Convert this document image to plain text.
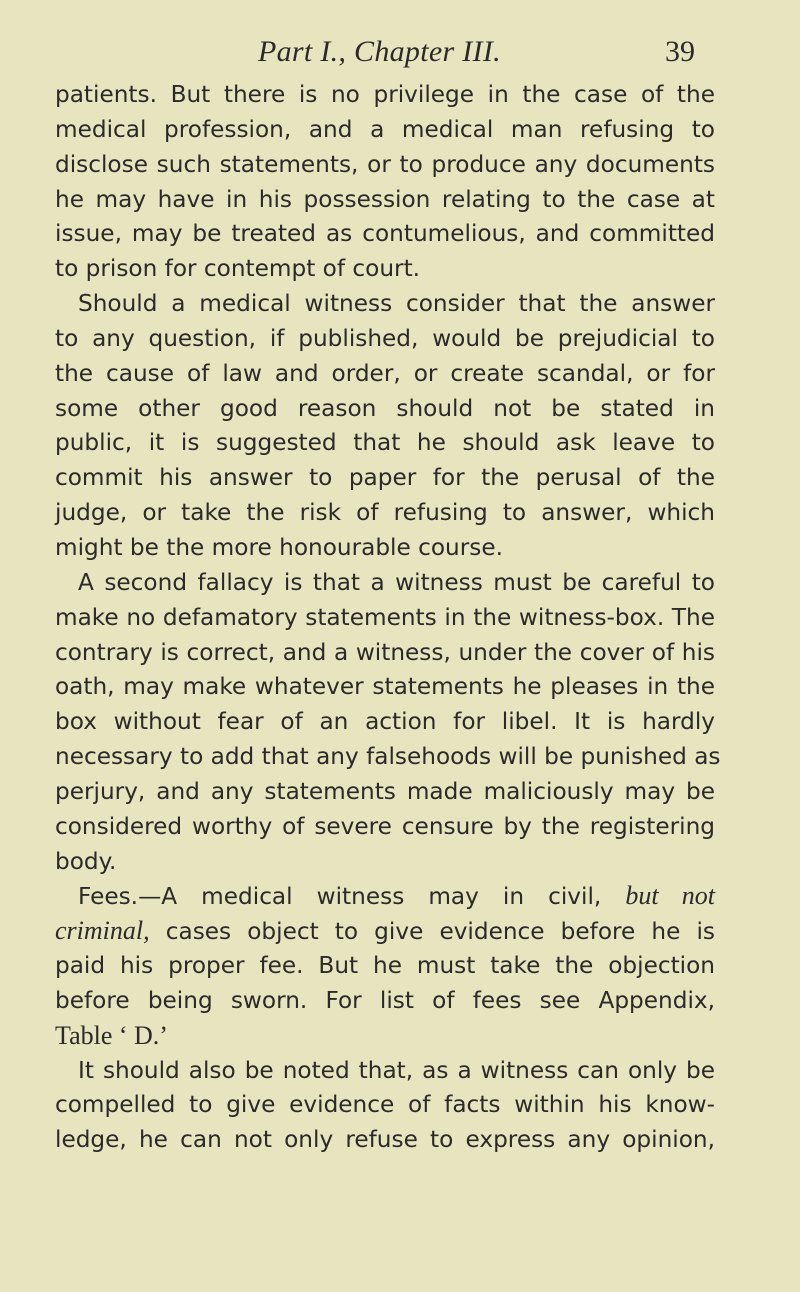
Part I., Chapter III.	39
patients. But there is no privilege in the case of the
medical profession, and a medical man refusing to
disclose such statements, or to produce any documents
he may have in his possession relating to the case at
issue, may be treated as contumelious, and committed
to prison for contempt of court.
Should a medical witness consider that the answer
to any question, if published, would be prejudicial to
the cause of law and order, or create scandal, or for
some other good reason should not be stated in
public, it is suggested that he should ask leave to
commit his answer to paper for the perusal of the
judge, or take the risk of refusing to answer, which
might be the more honourable course.
A second fallacy is that a witness must be careful to
make no defamatory statements in the witness-box. The
contrary is correct, and a witness, under the cover of his
oath, may make whatever statements he pleases in the
box without fear of an action for libel. It is hardly
necessary to add that any falsehoods will be punished as
perjury, and any statements made maliciously may be
considered worthy of severe censure by the registering
body.
Fees.—A medical witness may in civil, but not
criminal, cases object to give evidence before he is
paid his proper fee. But he must take the objection
before being sworn. For list of fees see Appendix,
Table ‘ D.’
It should also be noted that, as a witness can only be
compelled to give evidence of facts within his know-
ledge, he can not only refuse to express any opinion,
